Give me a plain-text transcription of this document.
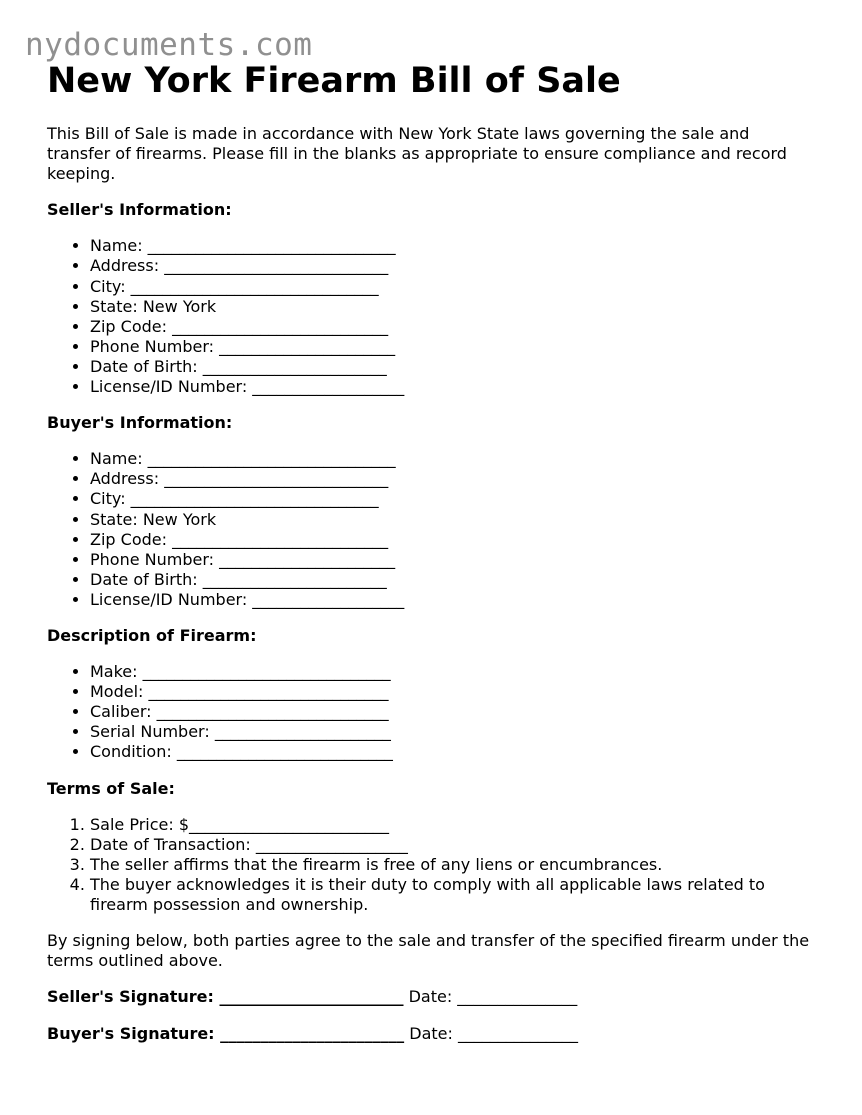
nydocuments.com
New York Firearm Bill of Sale

This Bill of Sale is made in accordance with New York State laws governing the sale and transfer of firearms. Please fill in the blanks as appropriate to ensure compliance and record keeping.

Seller's Information:

• Name: _______________________________
• Address: ____________________________
• City: _______________________________
• State: New York
• Zip Code: ___________________________
• Phone Number: ______________________
• Date of Birth: _______________________
• License/ID Number: ___________________

Buyer's Information:

• Name: _______________________________
• Address: ____________________________
• City: _______________________________
• State: New York
• Zip Code: ___________________________
• Phone Number: ______________________
• Date of Birth: _______________________
• License/ID Number: ___________________

Description of Firearm:

• Make: _______________________________
• Model: ______________________________
• Caliber: _____________________________
• Serial Number: ______________________
• Condition: ___________________________

Terms of Sale:

1. Sale Price: $_________________________
2. Date of Transaction: ___________________
3. The seller affirms that the firearm is free of any liens or encumbrances.
4. The buyer acknowledges it is their duty to comply with all applicable laws related to firearm possession and ownership.

By signing below, both parties agree to the sale and transfer of the specified firearm under the terms outlined above.

Seller's Signature: _______________________ Date: _______________

Buyer's Signature: _______________________ Date: _______________
